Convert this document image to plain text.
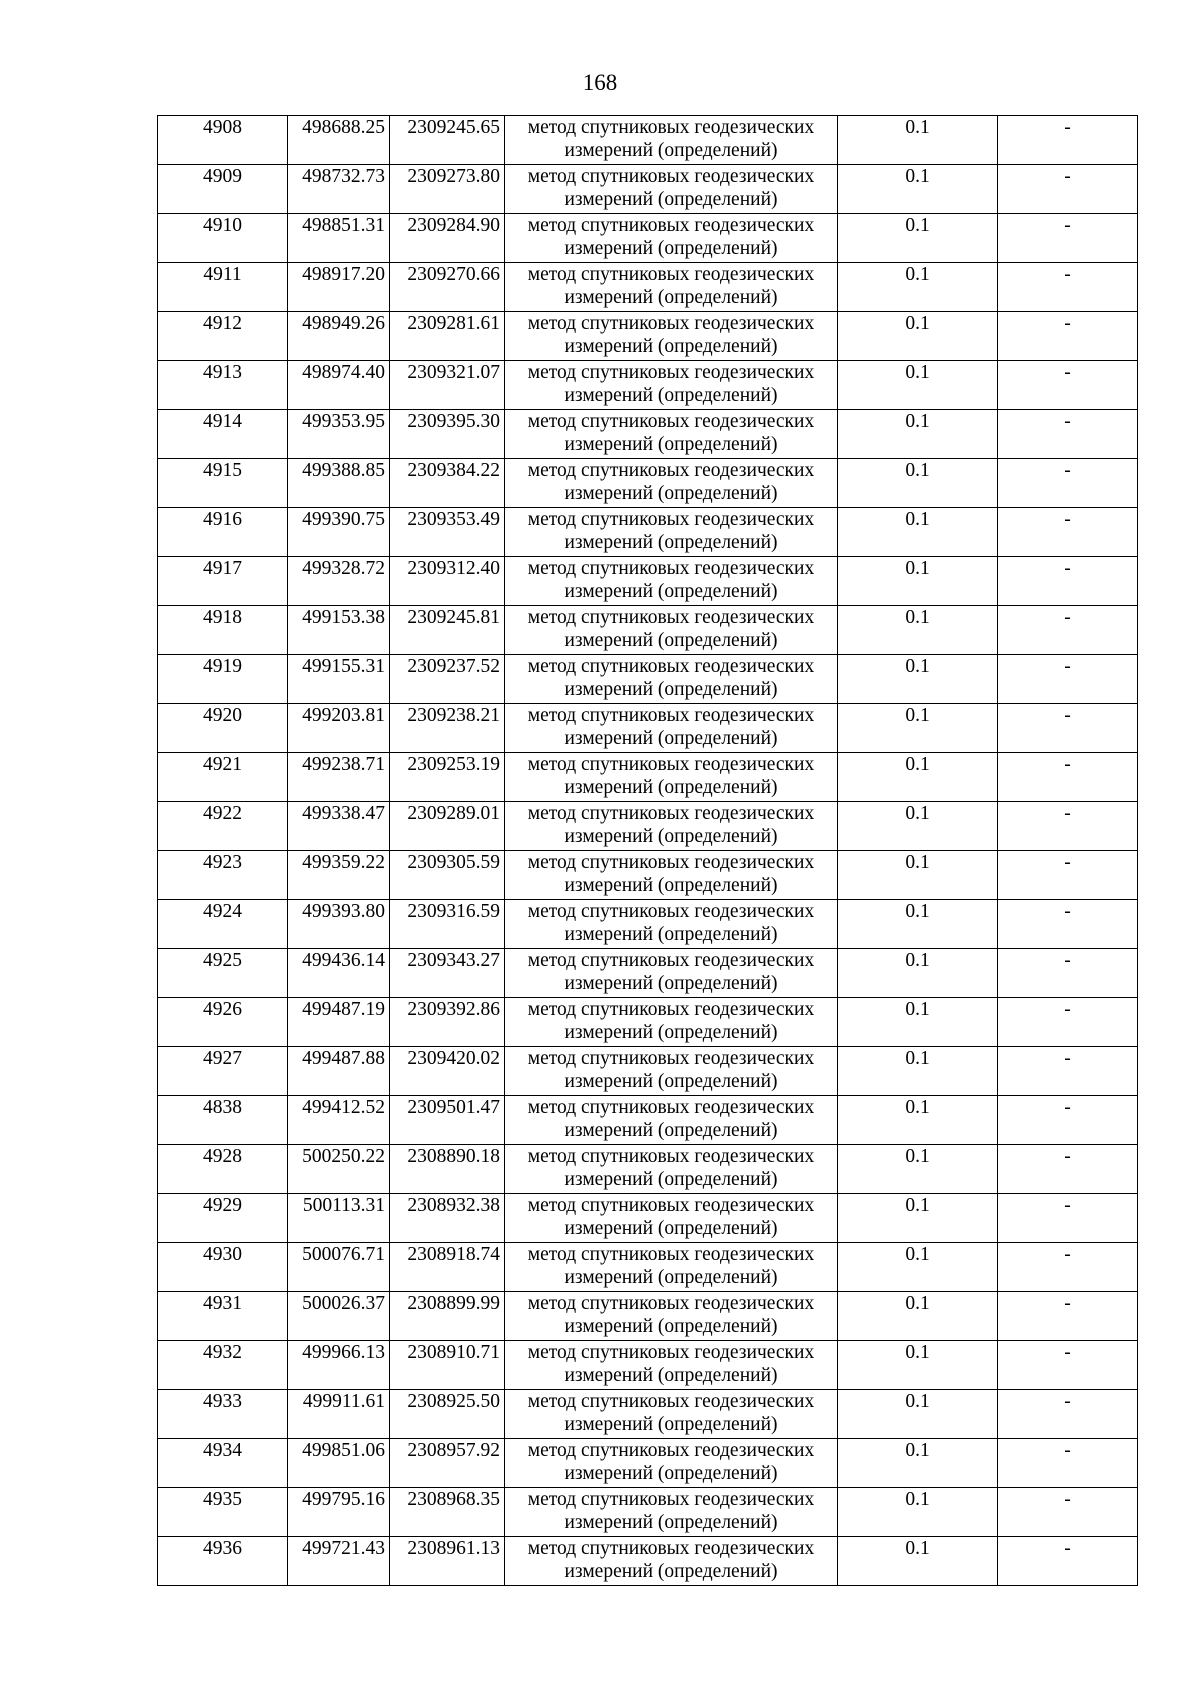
168
4908	498688.25	2309245.65	метод спутниковых геодезических
измерений (определений)	0.1	-
4909	498732.73	2309273.80	метод спутниковых геодезических
измерений (определений)	0.1	-
4910	498851.31	2309284.90	метод спутниковых геодезических
измерений (определений)	0.1	-
4911	498917.20	2309270.66	метод спутниковых геодезических
измерений (определений)	0.1	-
4912	498949.26	2309281.61	метод спутниковых геодезических
измерений (определений)	0.1	-
4913	498974.40	2309321.07	метод спутниковых геодезических
измерений (определений)	0.1	-
4914	499353.95	2309395.30	метод спутниковых геодезических
измерений (определений)	0.1	-
4915	499388.85	2309384.22	метод спутниковых геодезических
измерений (определений)	0.1	-
4916	499390.75	2309353.49	метод спутниковых геодезических
измерений (определений)	0.1	-
4917	499328.72	2309312.40	метод спутниковых геодезических
измерений (определений)	0.1	-
4918	499153.38	2309245.81	метод спутниковых геодезических
измерений (определений)	0.1	-
4919	499155.31	2309237.52	метод спутниковых геодезических
измерений (определений)	0.1	-
4920	499203.81	2309238.21	метод спутниковых геодезических
измерений (определений)	0.1	-
4921	499238.71	2309253.19	метод спутниковых геодезических
измерений (определений)	0.1	-
4922	499338.47	2309289.01	метод спутниковых геодезических
измерений (определений)	0.1	-
4923	499359.22	2309305.59	метод спутниковых геодезических
измерений (определений)	0.1	-
4924	499393.80	2309316.59	метод спутниковых геодезических
измерений (определений)	0.1	-
4925	499436.14	2309343.27	метод спутниковых геодезических
измерений (определений)	0.1	-
4926	499487.19	2309392.86	метод спутниковых геодезических
измерений (определений)	0.1	-
4927	499487.88	2309420.02	метод спутниковых геодезических
измерений (определений)	0.1	-
4838	499412.52	2309501.47	метод спутниковых геодезических
измерений (определений)	0.1	-
4928	500250.22	2308890.18	метод спутниковых геодезических
измерений (определений)	0.1	-
4929	500113.31	2308932.38	метод спутниковых геодезических
измерений (определений)	0.1	-
4930	500076.71	2308918.74	метод спутниковых геодезических
измерений (определений)	0.1	-
4931	500026.37	2308899.99	метод спутниковых геодезических
измерений (определений)	0.1	-
4932	499966.13	2308910.71	метод спутниковых геодезических
измерений (определений)	0.1	-
4933	499911.61	2308925.50	метод спутниковых геодезических
измерений (определений)	0.1	-
4934	499851.06	2308957.92	метод спутниковых геодезических
измерений (определений)	0.1	-
4935	499795.16	2308968.35	метод спутниковых геодезических
измерений (определений)	0.1	-
4936	499721.43	2308961.13	метод спутниковых геодезических
измерений (определений)	0.1	-
